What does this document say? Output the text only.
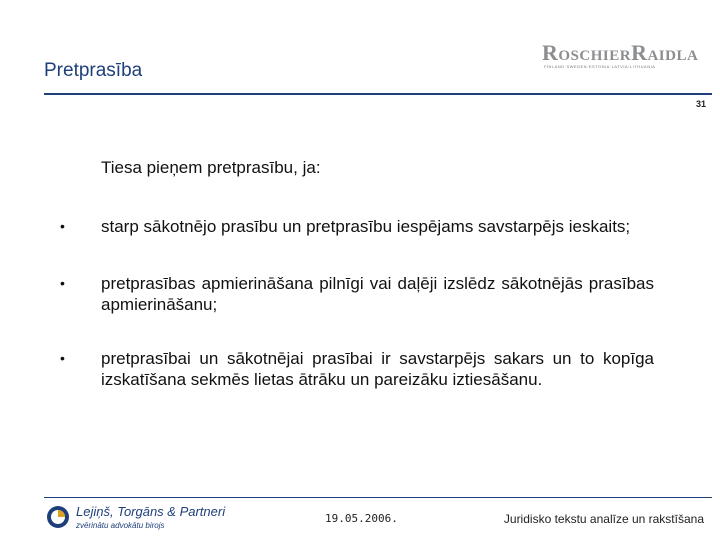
Pretprasība
RoschierRaidla
FINLAND·SWEDEN·ESTONIA·LATVIA·LITHUANIA
31
Tiesa pieņem pretprasību, ja:
• starp sākotnējo prasību un pretprasību iespējams savstarpējs ieskaits;
• pretprasības apmierināšana pilnīgi vai daļēji izslēdz sākotnējās prasības apmierināšanu;
• pretprasībai un sākotnējai prasībai ir savstarpējs sakars un to kopīga izskatīšana sekmēs lietas ātrāku un pareizāku iztiesāšanu.
Lejiņš, Torgāns & Partneri
zvērinātu advokātu birojs
19.05.2006.	Juridisko tekstu analīze un rakstīšana
